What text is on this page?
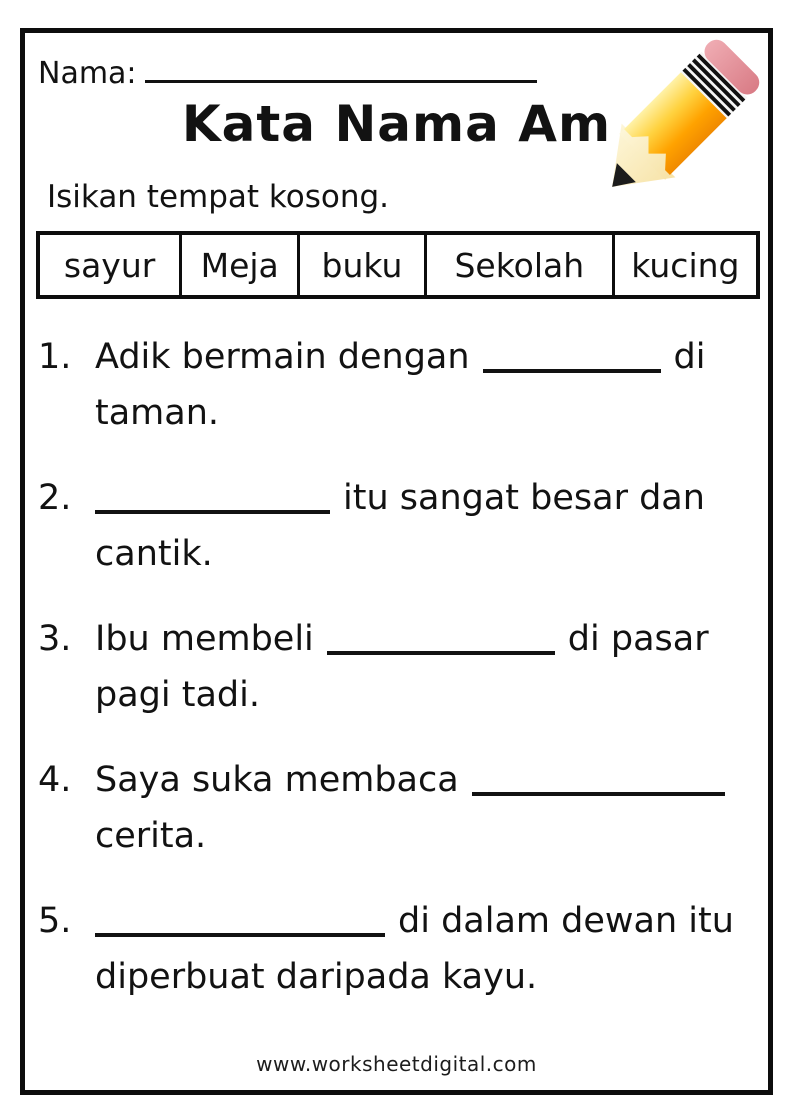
Nama:
Kata Nama Am
Isikan tempat kosong.
sayur	Meja	buku	Sekolah	kucing
1. Adik bermain dengan	di
taman.
2.	itu sangat besar dan
cantik.
3. Ibu membeli	di pasar
pagi tadi.
4. Saya suka membaca
cerita.
5.	di dalam dewan itu
diperbuat daripada kayu.
www.worksheetdigital.com
